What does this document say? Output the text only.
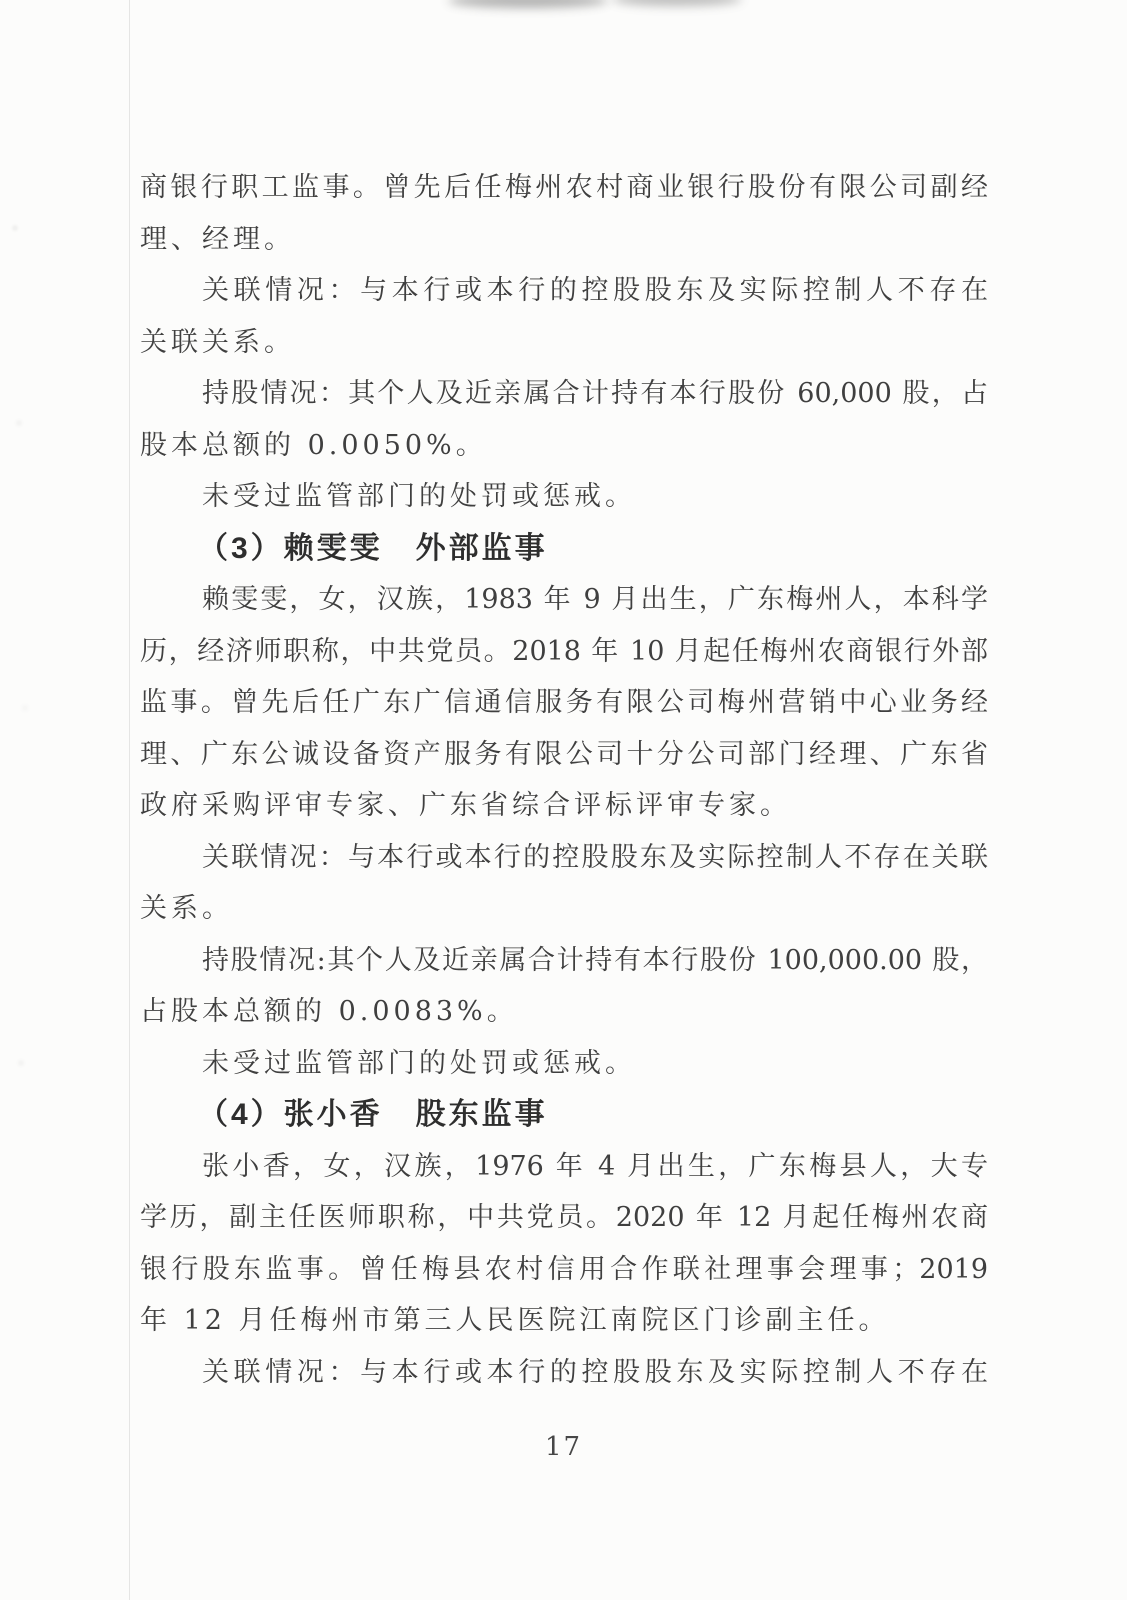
商银行职工监事。曾先后任梅州农村商业银行股份有限公司副经
理、经理。
关联情况：与本行或本行的控股股东及实际控制人不存在
关联关系。
持股情况：其个人及近亲属合计持有本行股份 60,000 股，占
股本总额的 0.0050%。
未受过监管部门的处罚或惩戒。
（3）赖雯雯　外部监事
赖雯雯，女，汉族，1983 年 9 月出生，广东梅州人，本科学
历，经济师职称，中共党员。2018 年 10 月起任梅州农商银行外部
监事。曾先后任广东广信通信服务有限公司梅州营销中心业务经
理、广东公诚设备资产服务有限公司十分公司部门经理、广东省
政府采购评审专家、广东省综合评标评审专家。
关联情况：与本行或本行的控股股东及实际控制人不存在关联
关系。
持股情况:其个人及近亲属合计持有本行股份 100,000.00 股，
占股本总额的 0.0083%。
未受过监管部门的处罚或惩戒。
（4）张小香　股东监事
张小香，女，汉族，1976 年 4 月出生，广东梅县人，大专
学历，副主任医师职称，中共党员。2020 年 12 月起任梅州农商
银行股东监事。曾任梅县农村信用合作联社理事会理事；2019
年 12 月任梅州市第三人民医院江南院区门诊副主任。
关联情况：与本行或本行的控股股东及实际控制人不存在
17
